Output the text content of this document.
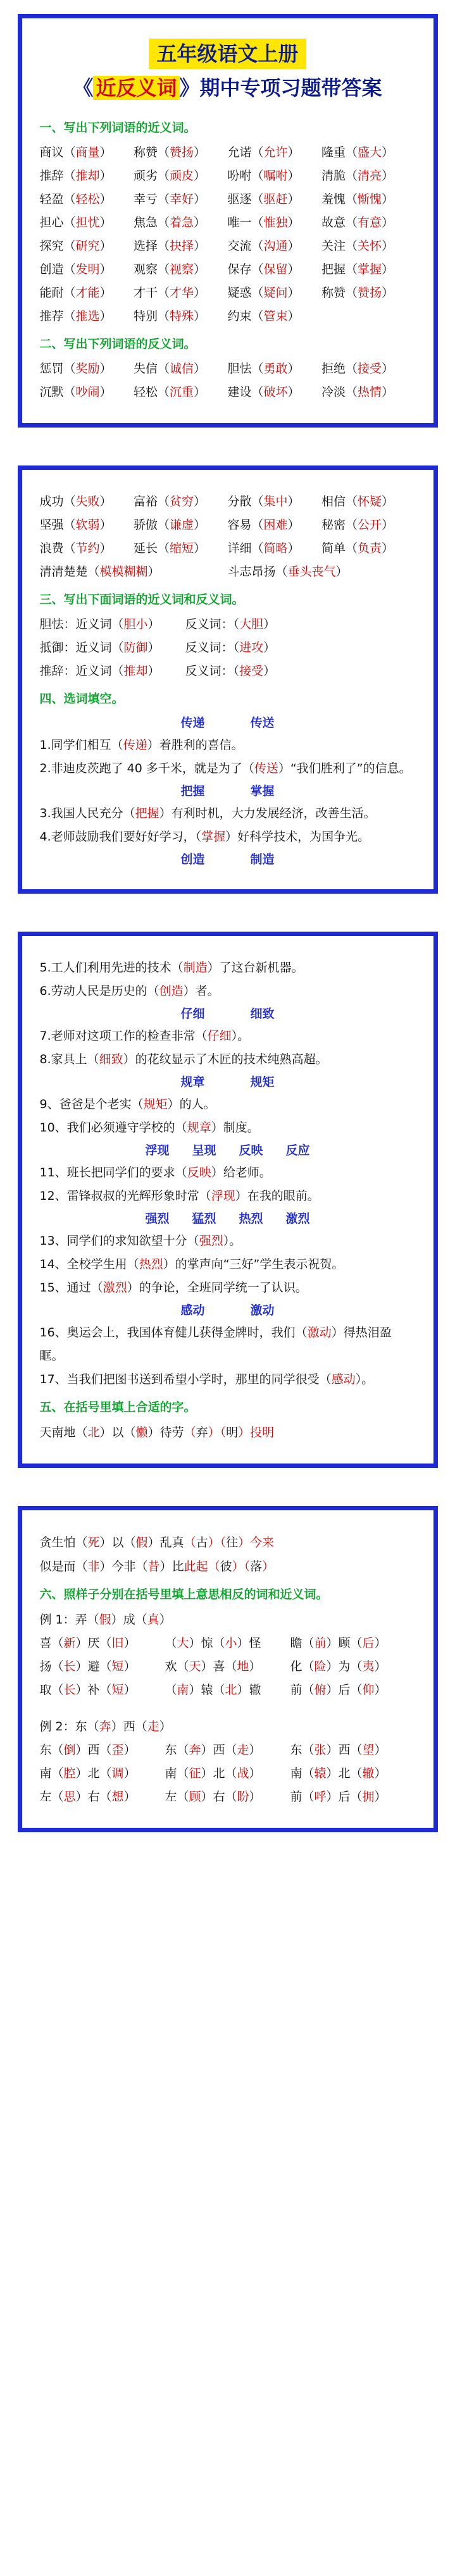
五年级语文上册
《 近反义词 》期中专项习题带答案
一、写出下列词语的近义词。
商议（商量）	称赞（赞扬）	允诺（允许）	隆重（盛大）
推辞（推却）	顽劣（顽皮）	吩咐（嘱咐）	清脆（清亮）
轻盈（轻松）	幸亏（幸好）	驱逐（驱赶）	羞愧（惭愧）
担心（担忧）	焦急（着急）	唯一（惟独）	故意（有意）
探究（研究）	选择（抉择）	交流（沟通）	关注（关怀）
创造（发明）	观察（视察）	保存（保留）	把握（掌握）
能耐（才能）	才干（才华）	疑惑（疑问）	称赞（赞扬）
推荐（推选）	特别（特殊）	约束（管束）
二、写出下列词语的反义词。
惩罚（奖励）	失信（诚信）	胆怯（勇敢）	拒绝（接受）
沉默（吵闹）	轻松（沉重）	建设（破坏）	冷淡（热情）
成功（失败）	富裕（贫穷）	分散（集中）	相信（怀疑）
坚强（软弱）	骄傲（谦虚）	容易（困难）	秘密（公开）
浪费（节约）	延长（缩短）	详细（简略）	简单（负责）
清清楚楚（模模糊糊）	斗志昂扬（垂头丧气）
三、写出下面词语的近义词和反义词。
胆怯：近义词（胆小） 反义词：（大胆）
抵御：近义词（防御） 反义词：（进攻）
推辞：近义词（推却） 反义词：（接受）
四、选词填空。
传递	传送
1.同学们相互（传递）着胜利的喜信。
2.非迪皮茨跑了 40 多千米，就是为了（传送）“我们胜利了”的信息。
把握	掌握
3.我国人民充分（把握）有利时机，大力发展经济，改善生活。
4.老师鼓励我们要好好学习，（掌握）好科学技术，为国争光。
创造	制造
5.工人们利用先进的技术（制造）了这台新机器。
6.劳动人民是历史的（创造）者。
仔细	细致
7.老师对这项工作的检查非常（仔细）。
8.家具上（细致）的花纹显示了木匠的技术纯熟高超。
规章	规矩
9、爸爸是个老实（规矩）的人。
10、我们必须遵守学校的（规章）制度。
浮现 呈现 反映 反应
11、班长把同学们的要求（反映）给老师。
12、雷锋叔叔的光辉形象时常（浮现）在我的眼前。
强烈 猛烈 热烈 激烈
13、同学们的求知欲望十分（强烈）。
14、全校学生用（热烈）的掌声向“三好”学生表示祝贺。
15、通过（激烈）的争论，全班同学统一了认识。
感动	激动
16、奥运会上，我国体育健儿获得金牌时，我们（激动）得热泪盈眶。
17、当我们把图书送到希望小学时，那里的同学很受（感动）。
五、在括号里填上合适的字。
天南地（北）以（懒）待劳（弃）（明）投明
贪生怕（死）以（假）乱真（古）（往）今来
似是而（非）今非（昔）比此起（彼）（落）
六、照样子分别在括号里填上意思相反的词和近义词。
例 1：弄（假）成（真）
喜（新）厌（旧）	（大）惊（小）怪	瞻（前）顾（后）
扬（长）避（短）	欢（天）喜（地）	化（险）为（夷）
取（长）补（短）	（南）辕（北）辙	前（俯）后（仰）
例 2：东（奔）西（走）
东（倒）西（歪）	东（奔）西（走）	东（张）西（望）
南（腔）北（调）	南（征）北（战）	南（辕）北（辙）
左（思）右（想）	左（顾）右（盼）	前（呼）后（拥）
